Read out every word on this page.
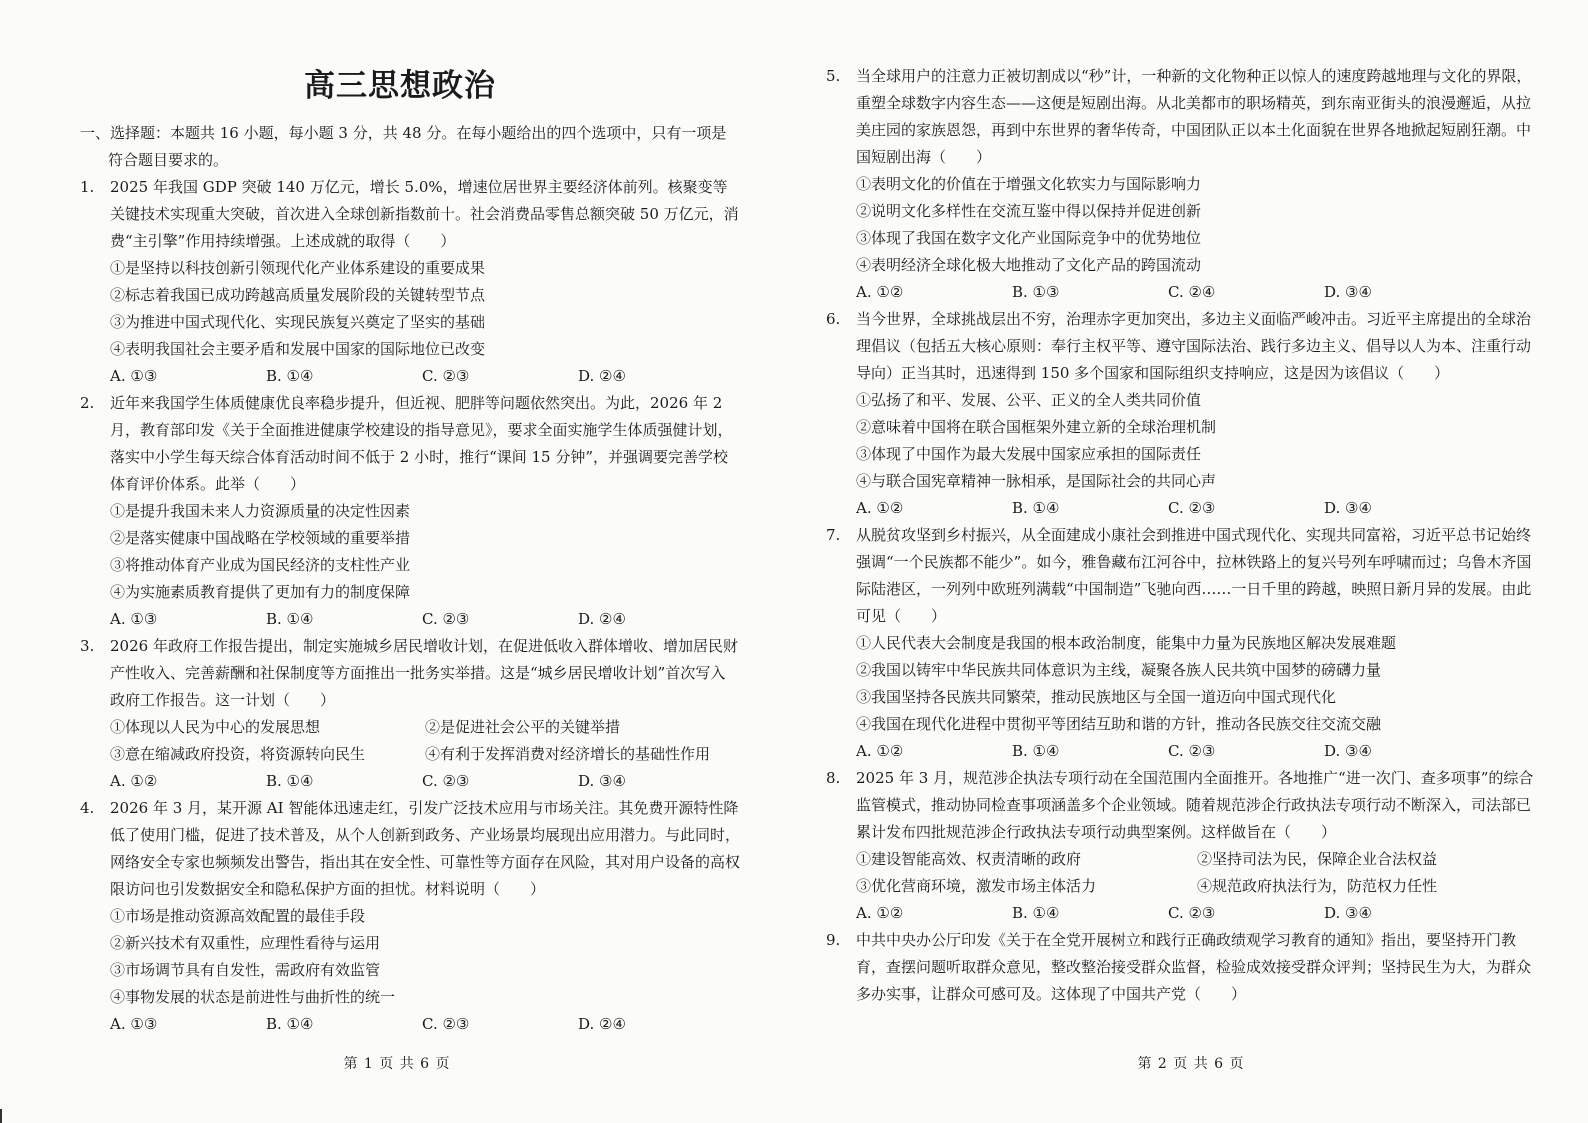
高三思想政治
一、选择题：本题共 16 小题，每小题 3 分，共 48 分。在每小题给出的四个选项中，只有一项是
符合题目要求的。
1.	2025 年我国 GDP 突破 140 万亿元，增长 5.0%，增速位居世界主要经济体前列。核聚变等关键技术实现重大突破，首次进入全球创新指数前十。社会消费品零售总额突破 50 万亿元，消费“主引擎”作用持续增强。上述成就的取得（　　）
①是坚持以科技创新引领现代化产业体系建设的重要成果
②标志着我国已成功跨越高质量发展阶段的关键转型节点
③为推进中国式现代化、实现民族复兴奠定了坚实的基础
④表明我国社会主要矛盾和发展中国家的国际地位已改变
A. ①③	B. ①④	C. ②③	D. ②④
2.	近年来我国学生体质健康优良率稳步提升，但近视、肥胖等问题依然突出。为此，2026 年 2 月，教育部印发《关于全面推进健康学校建设的指导意见》，要求全面实施学生体质强健计划，落实中小学生每天综合体育活动时间不低于 2 小时，推行“课间 15 分钟”，并强调要完善学校体育评价体系。此举（　　）
①是提升我国未来人力资源质量的决定性因素
②是落实健康中国战略在学校领域的重要举措
③将推动体育产业成为国民经济的支柱性产业
④为实施素质教育提供了更加有力的制度保障
A. ①③	B. ①④	C. ②③	D. ②④
3.	2026 年政府工作报告提出，制定实施城乡居民增收计划，在促进低收入群体增收、增加居民财产性收入、完善薪酬和社保制度等方面推出一批务实举措。这是“城乡居民增收计划”首次写入政府工作报告。这一计划（　　）
①体现以人民为中心的发展思想	②是促进社会公平的关键举措
③意在缩减政府投资，将资源转向民生	④有利于发挥消费对经济增长的基础性作用
A. ①②	B. ①④	C. ②③	D. ③④
4.	2026 年 3 月，某开源 AI 智能体迅速走红，引发广泛技术应用与市场关注。其免费开源特性降低了使用门槛，促进了技术普及，从个人创新到政务、产业场景均展现出应用潜力。与此同时，网络安全专家也频频发出警告，指出其在安全性、可靠性等方面存在风险，其对用户设备的高权限访问也引发数据安全和隐私保护方面的担忧。材料说明（　　）
①市场是推动资源高效配置的最佳手段
②新兴技术有双重性，应理性看待与运用
③市场调节具有自发性，需政府有效监管
④事物发展的状态是前进性与曲折性的统一
A. ①③	B. ①④	C. ②③	D. ②④
第 1 页 共 6 页
5.	当全球用户的注意力正被切割成以“秒”计，一种新的文化物种正以惊人的速度跨越地理与文化的界限，重塑全球数字内容生态——这便是短剧出海。从北美都市的职场精英，到东南亚街头的浪漫邂逅，从拉美庄园的家族恩怨，再到中东世界的奢华传奇，中国团队正以本土化面貌在世界各地掀起短剧狂潮。中国短剧出海（　　）
①表明文化的价值在于增强文化软实力与国际影响力
②说明文化多样性在交流互鉴中得以保持并促进创新
③体现了我国在数字文化产业国际竞争中的优势地位
④表明经济全球化极大地推动了文化产品的跨国流动
A. ①②	B. ①③	C. ②④	D. ③④
6.	当今世界，全球挑战层出不穷，治理赤字更加突出，多边主义面临严峻冲击。习近平主席提出的全球治理倡议（包括五大核心原则：奉行主权平等、遵守国际法治、践行多边主义、倡导以人为本、注重行动导向）正当其时，迅速得到 150 多个国家和国际组织支持响应，这是因为该倡议（　　）
①弘扬了和平、发展、公平、正义的全人类共同价值
②意味着中国将在联合国框架外建立新的全球治理机制
③体现了中国作为最大发展中国家应承担的国际责任
④与联合国宪章精神一脉相承，是国际社会的共同心声
A. ①②	B. ①④	C. ②③	D. ③④
7.	从脱贫攻坚到乡村振兴，从全面建成小康社会到推进中国式现代化、实现共同富裕，习近平总书记始终强调“一个民族都不能少”。如今，雅鲁藏布江河谷中，拉林铁路上的复兴号列车呼啸而过；乌鲁木齐国际陆港区，一列列中欧班列满载“中国制造”飞驰向西……一日千里的跨越，映照日新月异的发展。由此可见（　　）
①人民代表大会制度是我国的根本政治制度，能集中力量为民族地区解决发展难题
②我国以铸牢中华民族共同体意识为主线，凝聚各族人民共筑中国梦的磅礴力量
③我国坚持各民族共同繁荣，推动民族地区与全国一道迈向中国式现代化
④我国在现代化进程中贯彻平等团结互助和谐的方针，推动各民族交往交流交融
A. ①②	B. ①④	C. ②③	D. ③④
8.	2025 年 3 月，规范涉企执法专项行动在全国范围内全面推开。各地推广“进一次门、查多项事”的综合监管模式，推动协同检查事项涵盖多个企业领域。随着规范涉企行政执法专项行动不断深入，司法部已累计发布四批规范涉企行政执法专项行动典型案例。这样做旨在（　　）
①建设智能高效、权责清晰的政府	②坚持司法为民，保障企业合法权益
③优化营商环境，激发市场主体活力	④规范政府执法行为，防范权力任性
A. ①②	B. ①④	C. ②③	D. ③④
9.	中共中央办公厅印发《关于在全党开展树立和践行正确政绩观学习教育的通知》指出，要坚持开门教育，查摆问题听取群众意见，整改整治接受群众监督，检验成效接受群众评判；坚持民生为大，为群众多办实事，让群众可感可及。这体现了中国共产党（　　）
第 2 页 共 6 页
